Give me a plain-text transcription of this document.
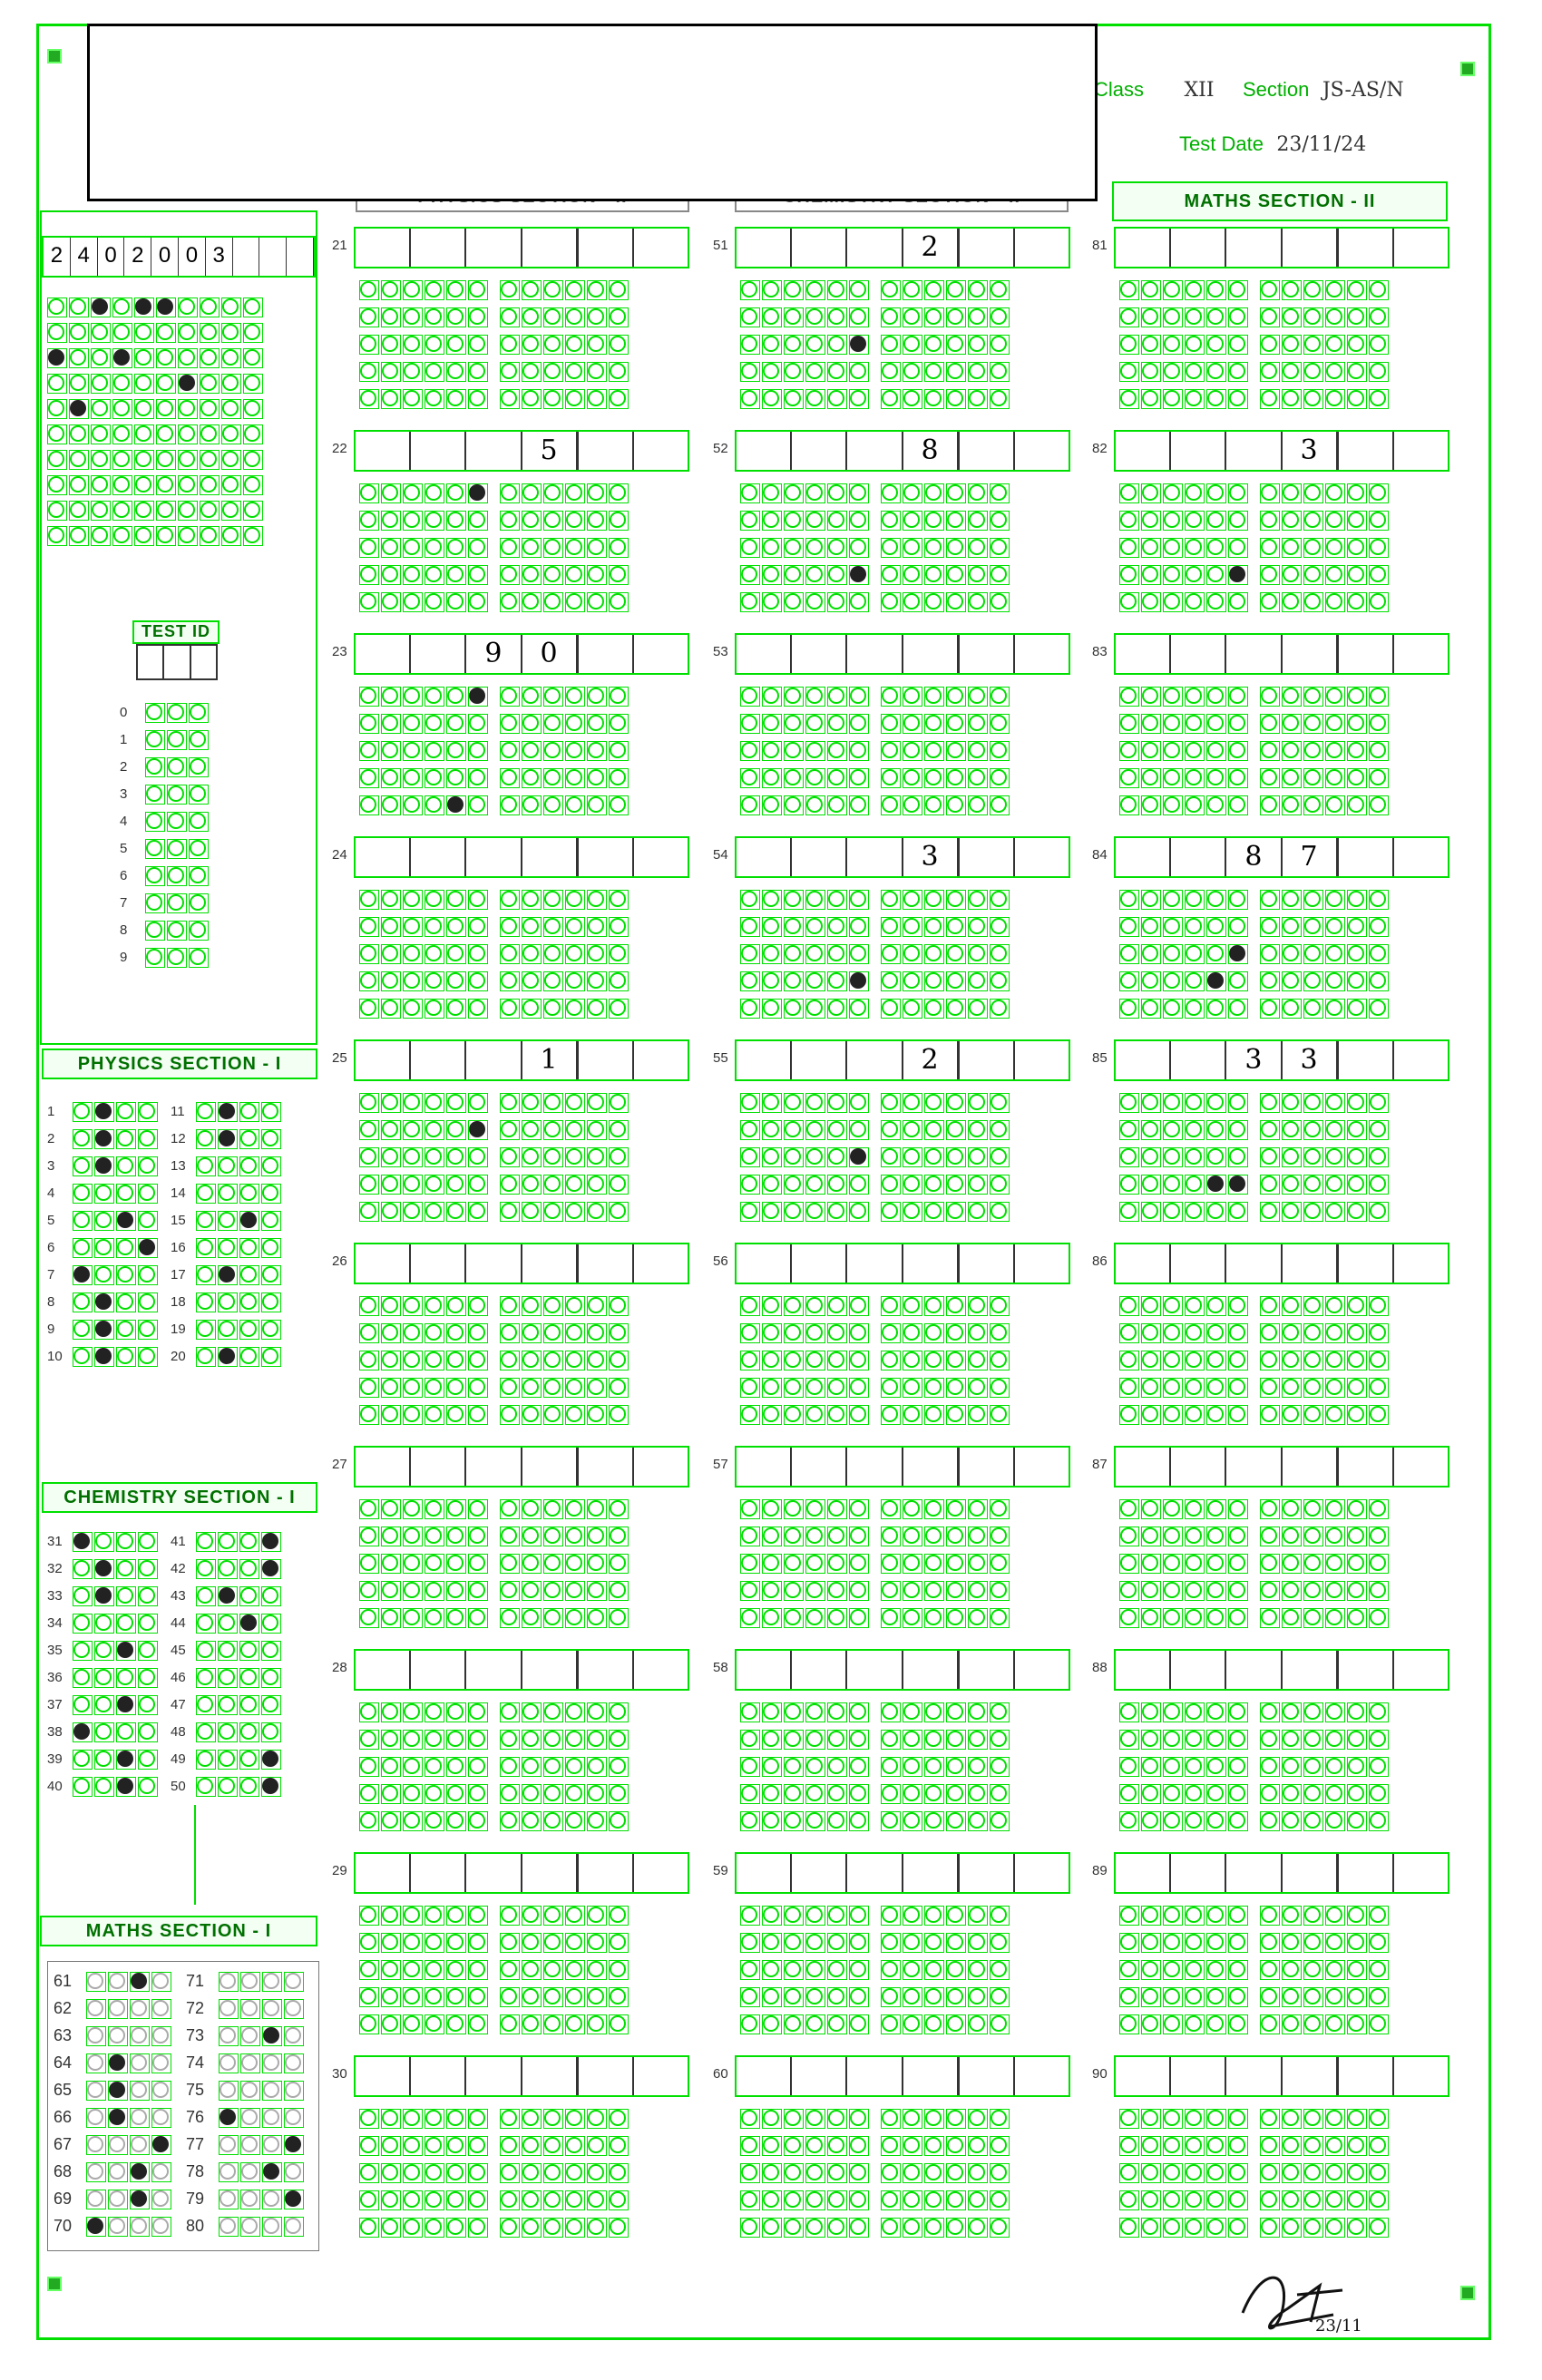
Class XII Section JS-AS/N
Test Date 23/11/24
2 4 0 2 0 0 3
TEST ID
0
1
2
3
4
5
6
7
8
9
PHYSICS SECTION - I
1	11
2	12
3	13
4	14
5	15
6	16
7	17
8	18
9	19
10	20
CHEMISTRY SECTION - I
31	41
32	42
33	43
34	44
35	45
36	46
37	47
38	48
39	49
40	50
MATHS SECTION - I
61	71
62	72
63	73
64	74
65	75
66	76
67	77
68	78
69	79
70	80
MATHS SECTION - II
21
22	5
23	9	0
24
25	1
26
27
28
29
30
51	2
52	8
53
54	3
55	2
56
57
58
59
60
81
82	3
83
84	8	7
85	3	3
86
87
88
89
90
23/11
